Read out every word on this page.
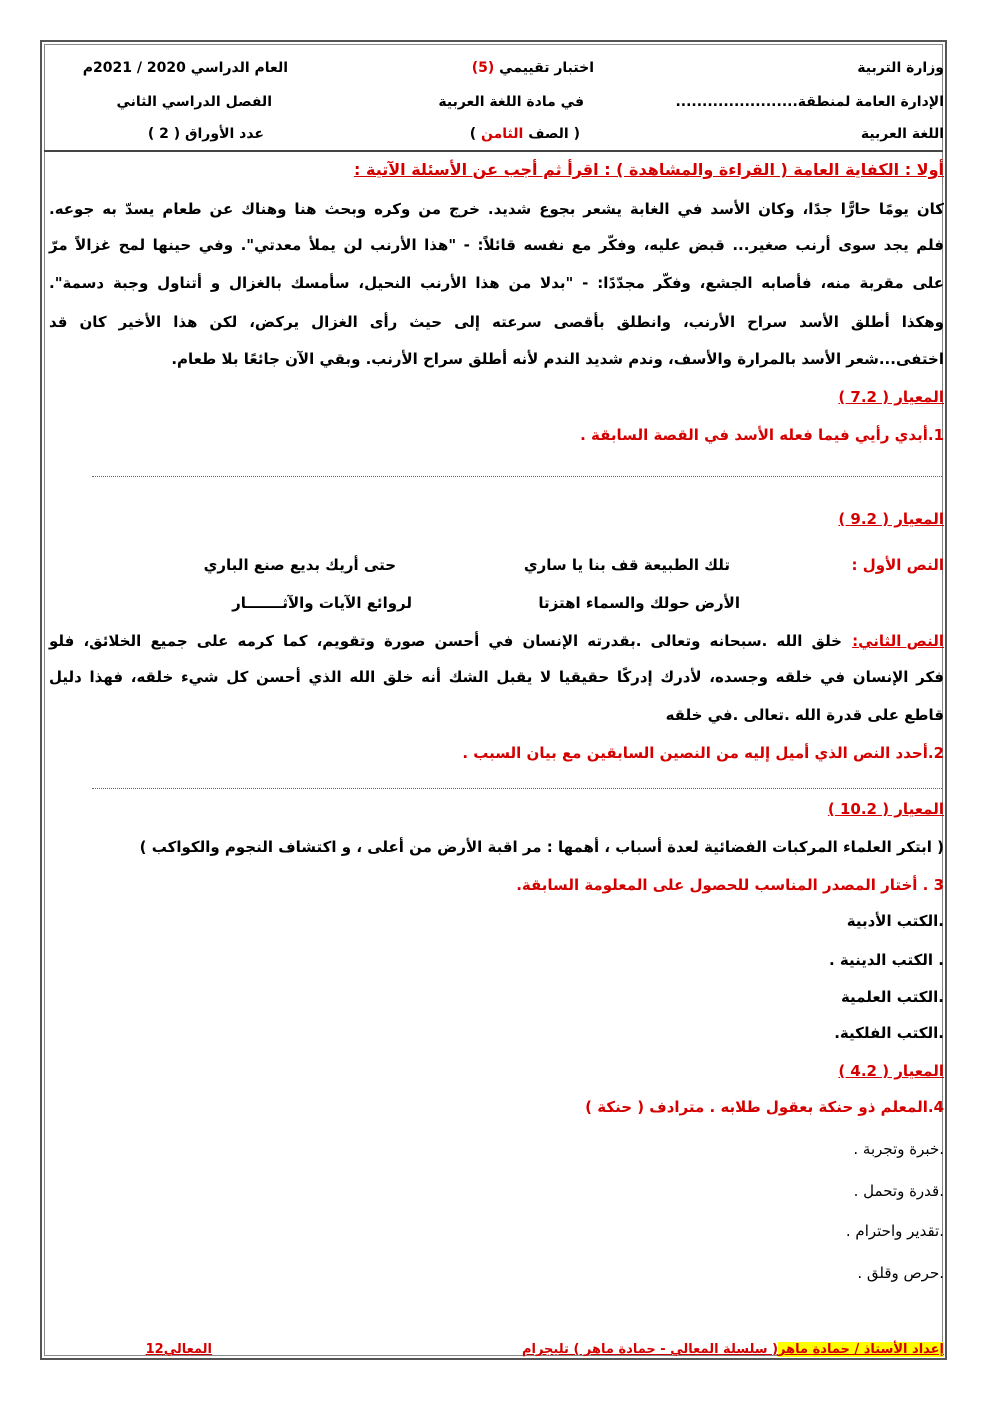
وزارة التربية
الإدارة العامة لمنطقة.......................
اللغة العربية
اختبار تقييمي (5)
في مادة اللغة العربية
( الصف الثامن )
العام الدراسي 2020 / 2021م
الفصل الدراسي الثاني
عدد الأوراق ( 2 )
أولا : الكفاية العامة ( القراءة والمشاهدة ) : اقرأ ثم أجب عن الأسئلة الآتية :
كان يومًا حارًّا جدًا، وكان الأسد في الغابة يشعر بجوع شديد. خرج من وكره وبحث هنا وهناك عن طعام يسدّ به جوعه.
فلم يجد سوى أرنب صغير... قبض عليه، وفكّر مع نفسه قائلاً: - "هذا الأرنب لن يملأ معدتي". وفي حينها لمح غزالاً مرّ
على مقربة منه، فأصابه الجشع، وفكّر مجدّدًا: - "بدلا من هذا الأرنب النحيل، سأمسك بالغزال و أتناول وجبة دسمة".
وهكذا أطلق الأسد سراح الأرنب، وانطلق بأقصى سرعته إلى حيث رأى الغزال يركض، لكن هذا الأخير كان قد
اختفى...شعر الأسد بالمرارة والأسف، وندم شديد الندم لأنه أطلق سراح الأرنب. وبقي الآن جائعًا بلا طعام.
المعيار ( 7.2 )
1.أبدي رأيي فيما فعله الأسد في القصة السابقة .
المعيار ( 9.2 )
النص الأول :
تلك الطبيعة قف بنا يا ساري
حتى أريك بديع صنع الباري
الأرض حولك والسماء اهتزتا
لروائع الآيات والآثـــــــار
النص الثاني:
خلق الله .سبحانه وتعالى .بقدرته الإنسان في أحسن صورة وتقويم، كما كرمه على جميع الخلائق، فلو
فكر الإنسان في خلقه وجسده، لأدرك إدركًا حقيقيا لا يقبل الشك أنه خلق الله الذي أحسن كل شيء خلقه، فهذا دليل
قاطع على قدرة الله .تعالى .في خلقه
2.أحدد النص الذي أميل إليه من النصين السابقين مع بيان السبب .
المعيار ( 10.2 )
( ابتكر العلماء المركبات الفضائية لعدة أسباب ، أهمها : مر اقبة الأرض من أعلى ، و اكتشاف النجوم والكواكب )
3 . أختار المصدر المناسب للحصول على المعلومة السابقة.
.الكتب الأدبية
. الكتب الدينية .
.الكتب العلمية
.الكتب الفلكية.
المعيار ( 4.2 )
4.المعلم ذو حنكة بعقول طلابه . مترادف ( حنكة )
.خبرة وتجربة .
.قدرة وتحمل .
.تقدير واحترام .
.حرص وقلق .
إعداد الأستاذ / حمادة ماهر( سلسلة المعالي - حمادة ماهر ) تليجرام
المعالي12
